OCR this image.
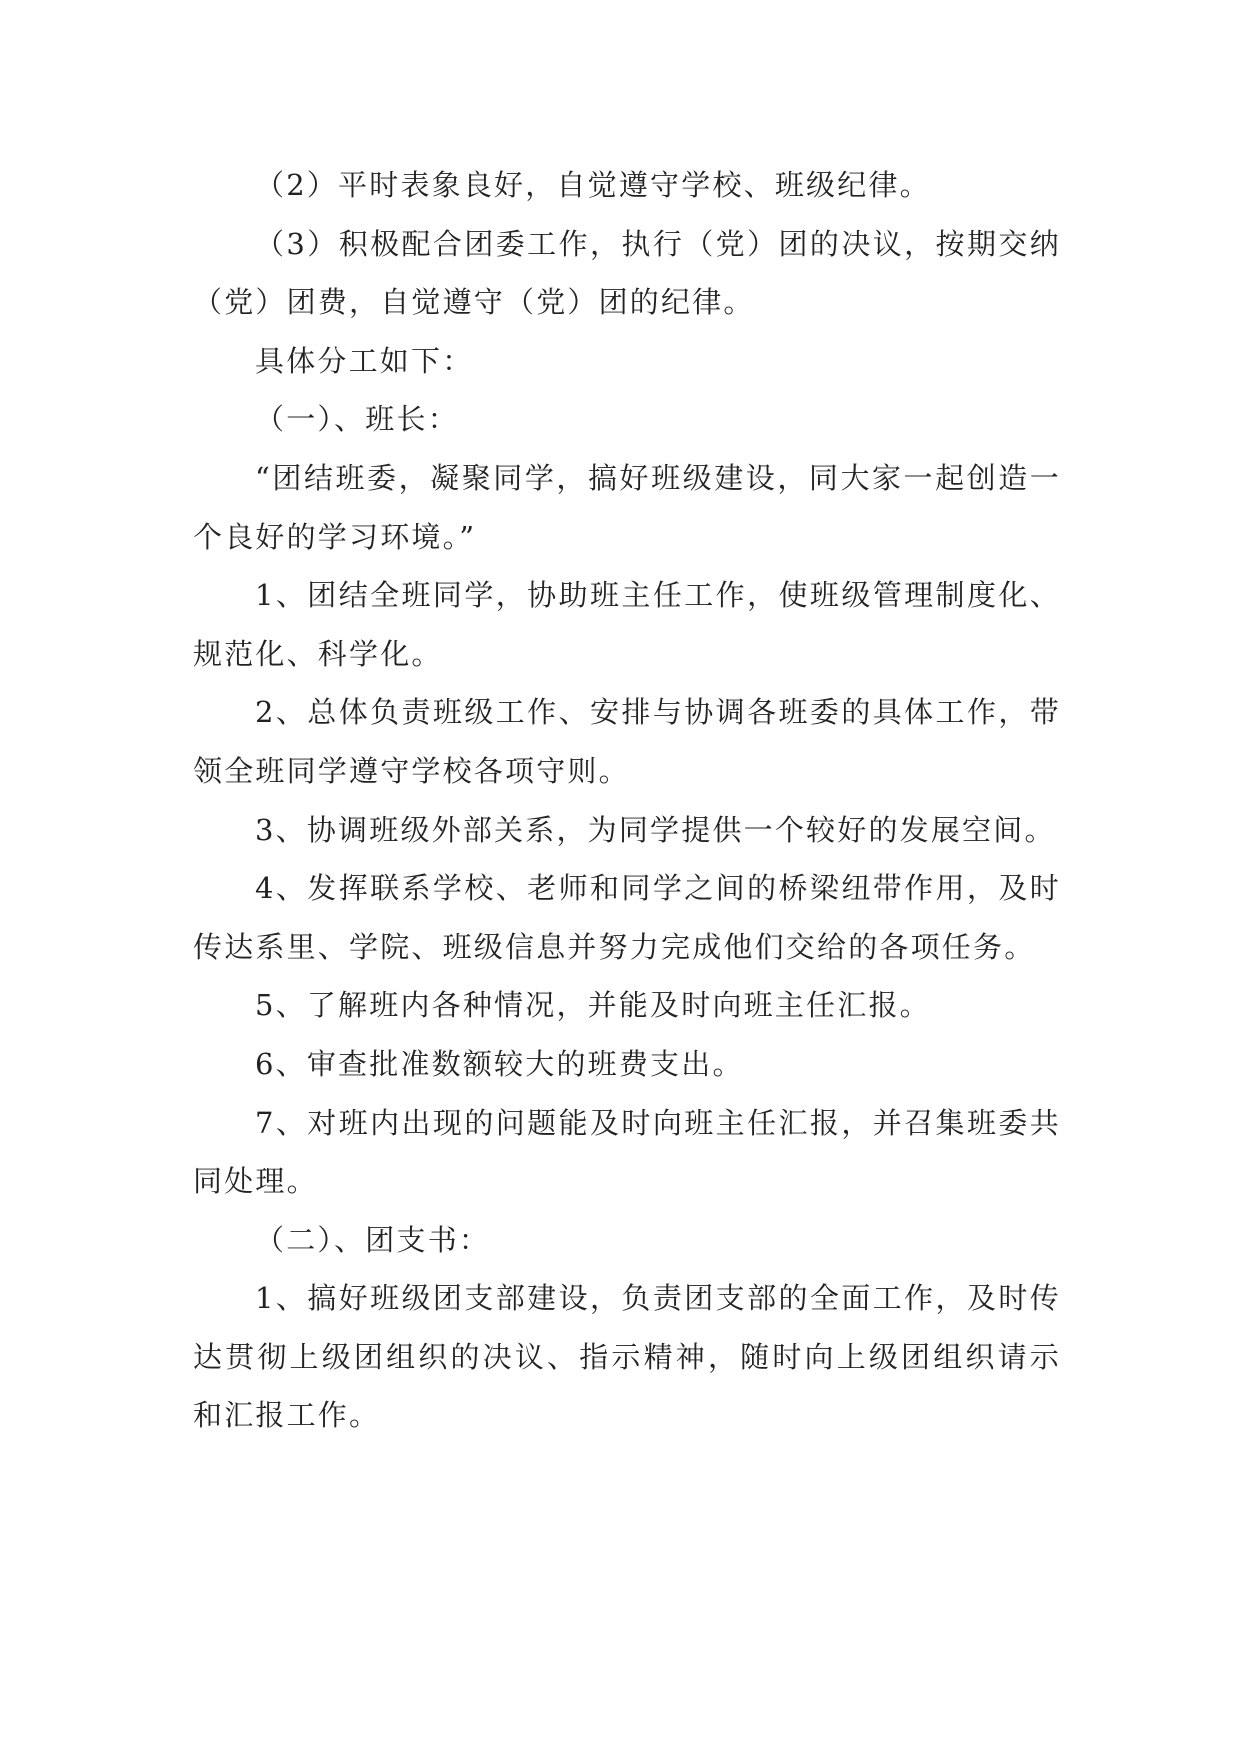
（2）平时表象良好，自觉遵守学校、班级纪律。

（3）积极配合团委工作，执行（党）团的决议，按期交纳（党）团费，自觉遵守（党）团的纪律。

具体分工如下：

（一）、班长：

“团结班委，凝聚同学，搞好班级建设，同大家一起创造一个良好的学习环境。”

1、团结全班同学，协助班主任工作，使班级管理制度化、规范化、科学化。

2、总体负责班级工作、安排与协调各班委的具体工作，带领全班同学遵守学校各项守则。

3、协调班级外部关系，为同学提供一个较好的发展空间。

4、发挥联系学校、老师和同学之间的桥梁纽带作用，及时传达系里、学院、班级信息并努力完成他们交给的各项任务。

5、了解班内各种情况，并能及时向班主任汇报。

6、审查批准数额较大的班费支出。

7、对班内出现的问题能及时向班主任汇报，并召集班委共同处理。

（二）、团支书：

1、搞好班级团支部建设，负责团支部的全面工作，及时传达贯彻上级团组织的决议、指示精神，随时向上级团组织请示和汇报工作。
